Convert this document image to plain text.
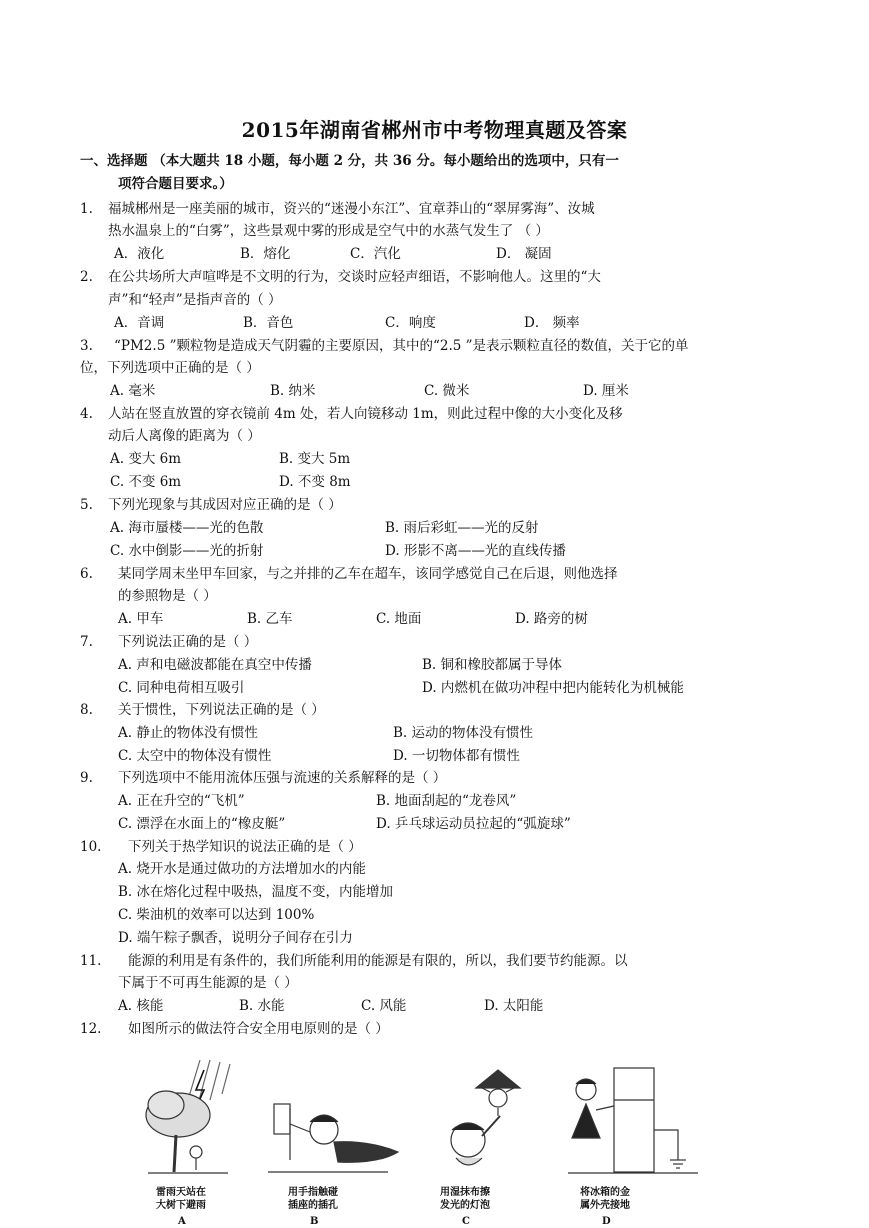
2015年湖南省郴州市中考物理真题及答案
一、选择题 （本大题共 18 小题，每小题 2 分，共 36 分。每小题给出的选项中，只有一
项符合题目要求。）
1. 福城郴州是一座美丽的城市，资兴的“迷漫小东江”、宜章莽山的“翠屏雾海”、汝城
热水温泉上的“白雾”，这些景观中雾的形成是空气中的水蒸气发生了 （ ）
A．液化	B．熔化	C．汽化	D． 凝固
2. 在公共场所大声喧哗是不文明的行为，交谈时应轻声细语，不影响他人。这里的“大
声”和“轻声”是指声音的（ ）
A．音调	B．音色	C．响度	D． 频率
3. “PM2.5 ”颗粒物是造成天气阴霾的主要原因，其中的“2.5 ”是表示颗粒直径的数值，关于它的单
位，下列选项中正确的是（ ）
A. 毫米	B. 纳米	C. 微米	D. 厘米
4. 人站在竖直放置的穿衣镜前 4m 处，若人向镜移动 1m，则此过程中像的大小变化及移
动后人离像的距离为（ ）
A. 变大 6m	B. 变大 5m
C. 不变 6m	D. 不变 8m
5. 下列光现象与其成因对应正确的是（ ）
A. 海市蜃楼——光的色散	B. 雨后彩虹——光的反射
C. 水中倒影——光的折射	D. 形影不离——光的直线传播
6. 某同学周末坐甲车回家，与之并排的乙车在超车，该同学感觉自己在后退，则他选择
的参照物是（ ）
A. 甲车	B. 乙车	C. 地面	D. 路旁的树
7. 下列说法正确的是（ ）
A. 声和电磁波都能在真空中传播	B. 铜和橡胶都属于导体
C. 同种电荷相互吸引	D. 内燃机在做功冲程中把内能转化为机械能
8. 关于惯性，下列说法正确的是（ ）
A. 静止的物体没有惯性	B. 运动的物体没有惯性
C. 太空中的物体没有惯性	D. 一切物体都有惯性
9. 下列选项中不能用流体压强与流速的关系解释的是（ ）
A. 正在升空的“飞机”	B. 地面刮起的“龙卷风”
C. 漂浮在水面上的“橡皮艇”	D. 乒乓球运动员拉起的“弧旋球”
10. 下列关于热学知识的说法正确的是（ ）
A. 烧开水是通过做功的方法增加水的内能
B. 冰在熔化过程中吸热，温度不变，内能增加
C. 柴油机的效率可以达到 100%
D. 端午粽子飘香，说明分子间存在引力
11. 能源的利用是有条件的，我们所能利用的能源是有限的，所以，我们要节约能源。以
下属于不可再生能源的是（ ）
A. 核能	B. 水能	C. 风能	D. 太阳能
12. 如图所示的做法符合安全用电原则的是（ ）
雷雨天站在
大树下避雨
A
用手指触碰
插座的插孔
B
用湿抹布擦
发光的灯泡
C
将冰箱的金
属外壳接地
D
